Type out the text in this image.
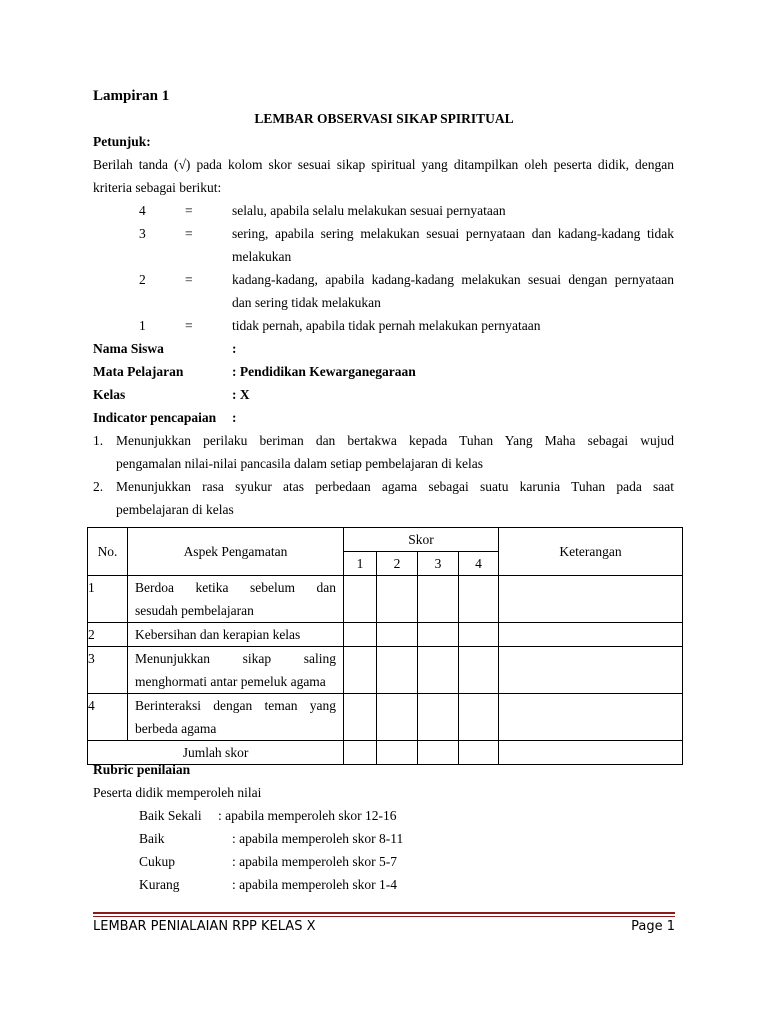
Lampiran 1
LEMBAR OBSERVASI SIKAP SPIRITUAL
Petunjuk:
Berilah tanda (√) pada kolom skor sesuai sikap spiritual yang ditampilkan oleh peserta didik, dengan
kriteria sebagai berikut:
4	=	selalu, apabila selalu melakukan sesuai pernyataan
3	=	sering, apabila sering melakukan sesuai pernyataan dan kadang-kadang tidak
melakukan
2	=	kadang-kadang, apabila kadang-kadang melakukan sesuai dengan pernyataan
dan sering tidak melakukan
1	=	tidak pernah, apabila tidak pernah melakukan pernyataan
Nama Siswa	:
Mata Pelajaran	: Pendidikan Kewarganegaraan
Kelas	: X
Indicator pencapaian :
1. Menunjukkan perilaku beriman dan bertakwa kepada Tuhan Yang Maha sebagai wujud
pengamalan nilai-nilai pancasila dalam setiap pembelajaran di kelas
2. Menunjukkan rasa syukur atas perbedaan agama sebagai suatu karunia Tuhan pada saat
pembelajaran di kelas
No.	Aspek Pengamatan	Skor				Keterangan
		1	2	3	4	
1	Berdoa ketika sebelum dan
sesudah pembelajaran					

2	Kebersihan dan kerapian kelas					

3	Menunjukkan sikap saling
menghormati antar pemeluk agama					

4	Berinteraksi dengan teman yang
berbeda agama					

Jumlah skor						
Rubric penilaian
Peserta didik memperoleh nilai
Baik Sekali : apabila memperoleh skor 12-16
Baik	: apabila memperoleh skor 8-11
Cukup	: apabila memperoleh skor 5-7
Kurang	: apabila memperoleh skor 1-4
LEMBAR PENIALAIAN RPP KELAS X	Page 1
